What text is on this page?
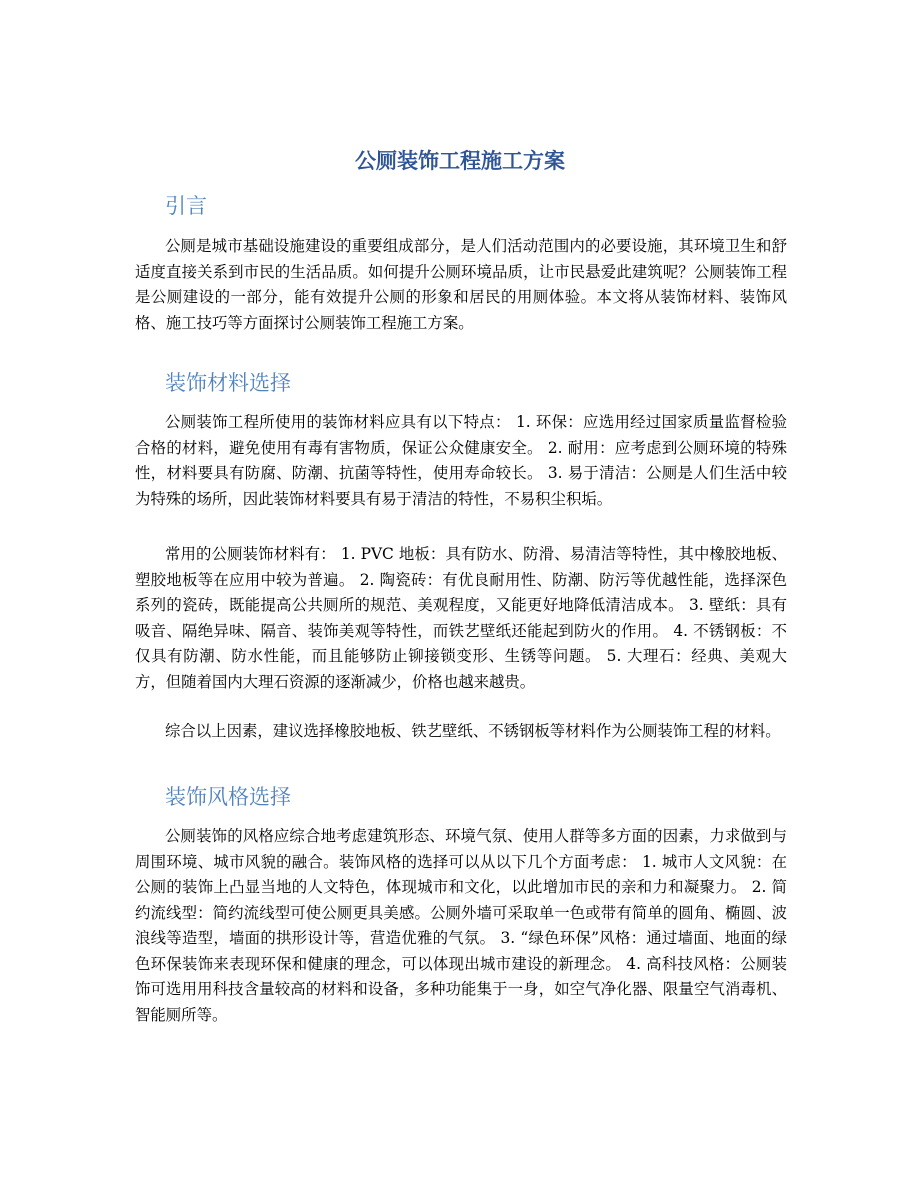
公厕装饰工程施工方案
引言

公厕是城市基础设施建设的重要组成部分，是人们活动范围内的必要设施，其环境卫生和舒适度直接关系到市民的生活品质。如何提升公厕环境品质，让市民悬爱此建筑呢？公厕装饰工程是公厕建设的一部分，能有效提升公厕的形象和居民的用厕体验。本文将从装饰材料、装饰风格、施工技巧等方面探讨公厕装饰工程施工方案。

装饰材料选择

公厕装饰工程所使用的装饰材料应具有以下特点： 1. 环保：应选用经过国家质量监督检验合格的材料，避免使用有毒有害物质，保证公众健康安全。 2. 耐用：应考虑到公厕环境的特殊性，材料要具有防腐、防潮、抗菌等特性，使用寿命较长。 3. 易于清洁：公厕是人们生活中较为特殊的场所，因此装饰材料要具有易于清洁的特性，不易积尘积垢。

常用的公厕装饰材料有： 1. PVC 地板：具有防水、防滑、易清洁等特性，其中橡胶地板、塑胶地板等在应用中较为普遍。 2. 陶瓷砖：有优良耐用性、防潮、防污等优越性能，选择深色系列的瓷砖，既能提高公共厕所的规范、美观程度，又能更好地降低清洁成本。 3. 壁纸：具有吸音、隔绝异味、隔音、装饰美观等特性，而铁艺壁纸还能起到防火的作用。 4. 不锈钢板：不仅具有防潮、防水性能，而且能够防止铆接锁变形、生锈等问题。 5. 大理石：经典、美观大方，但随着国内大理石资源的逐渐减少，价格也越来越贵。

综合以上因素，建议选择橡胶地板、铁艺壁纸、不锈钢板等材料作为公厕装饰工程的材料。

装饰风格选择

公厕装饰的风格应综合地考虑建筑形态、环境气氛、使用人群等多方面的因素，力求做到与周围环境、城市风貌的融合。装饰风格的选择可以从以下几个方面考虑： 1. 城市人文风貌：在公厕的装饰上凸显当地的人文特色，体现城市和文化，以此增加市民的亲和力和凝聚力。 2. 简约流线型：简约流线型可使公厕更具美感。公厕外墙可采取单一色或带有简单的圆角、椭圆、波浪线等造型，墙面的拱形设计等，营造优雅的气氛。 3. “绿色环保”风格：通过墙面、地面的绿色环保装饰来表现环保和健康的理念，可以体现出城市建设的新理念。 4. 高科技风格：公厕装饰可选用用科技含量较高的材料和设备，多种功能集于一身，如空气净化器、限量空气消毒机、智能厕所等。
